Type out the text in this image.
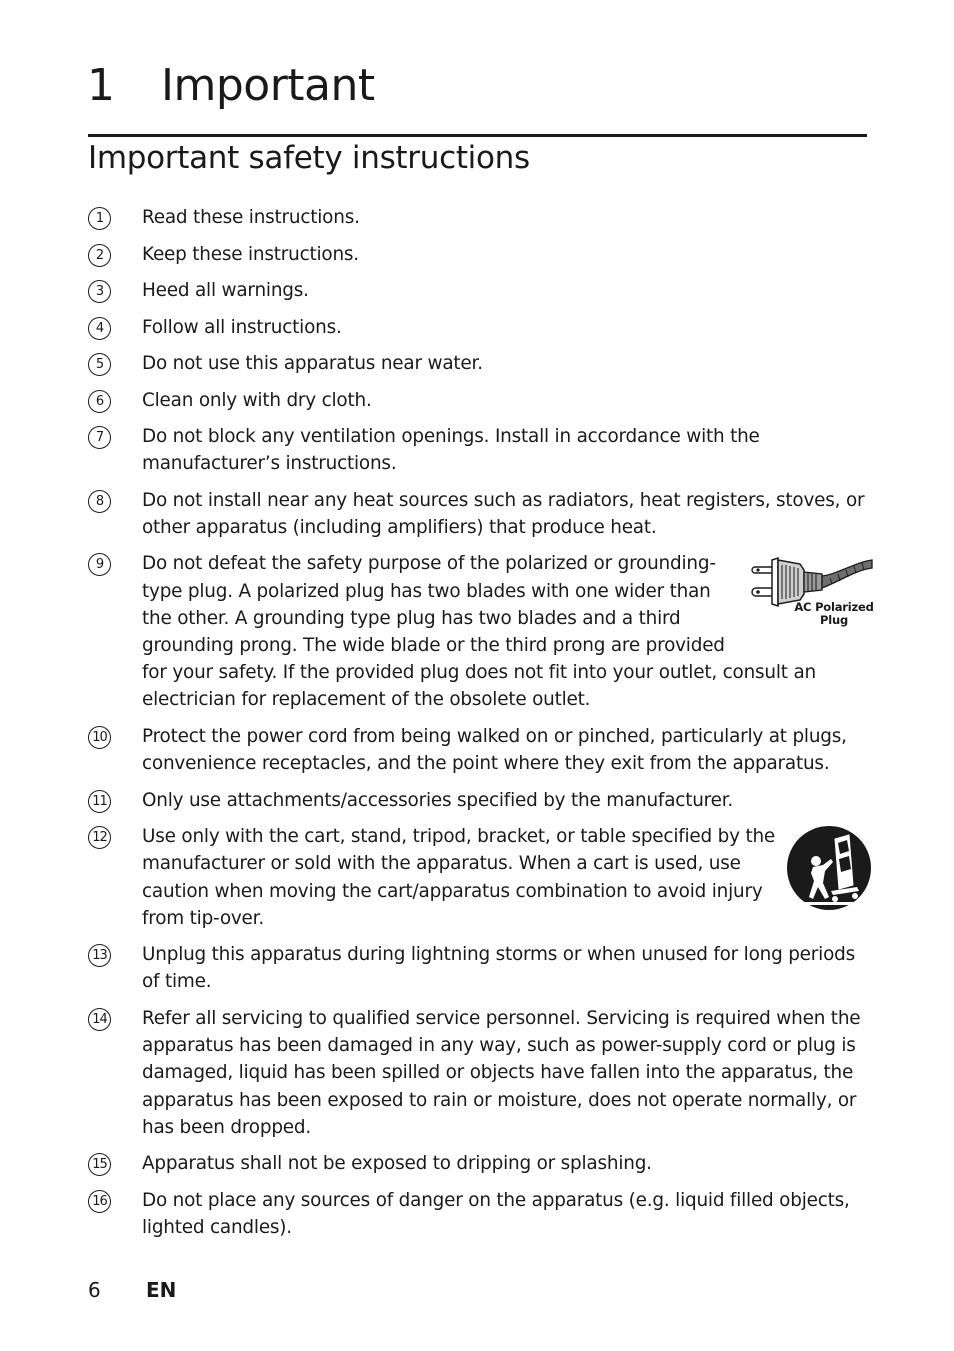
1	Important
Important safety instructions
1	Read these instructions.
2	Keep these instructions.
3	Heed all warnings.
4	Follow all instructions.
5	Do not use this apparatus near water.
6	Clean only with dry cloth.
7	Do not block any ventilation openings. Install in accordance with the manufacturer’s instructions.
8	Do not install near any heat sources such as radiators, heat registers, stoves, or other apparatus (including amplifiers) that produce heat.
9
AC Polarized
Plug
Do not defeat the safety purpose of the polarized or grounding-type plug. A polarized plug has two blades with one wider than the other. A grounding type plug has two blades and a third grounding prong. The wide blade or the third prong are provided for your safety. If the provided plug does not fit into your outlet, consult an electrician for replacement of the obsolete outlet.
10 Protect the power cord from being walked on or pinched, particularly at plugs, convenience receptacles, and the point where they exit from the apparatus.
11 Only use attachments/accessories specified by the manufacturer.
12 Use only with the cart, stand, tripod, bracket, or table specified by the manufacturer or sold with the apparatus. When a cart is used, use caution when moving the cart/apparatus combination to avoid injury from tip-over.
13 Unplug this apparatus during lightning storms or when unused for long periods of time.
14 Refer all servicing to qualified service personnel. Servicing is required when the apparatus has been damaged in any way, such as power-supply cord or plug is damaged, liquid has been spilled or objects have fallen into the apparatus, the apparatus has been exposed to rain or moisture, does not operate normally, or has been dropped.
15 Apparatus shall not be exposed to dripping or splashing.
16 Do not place any sources of danger on the apparatus (e.g. liquid filled objects, lighted candles).
6 EN
